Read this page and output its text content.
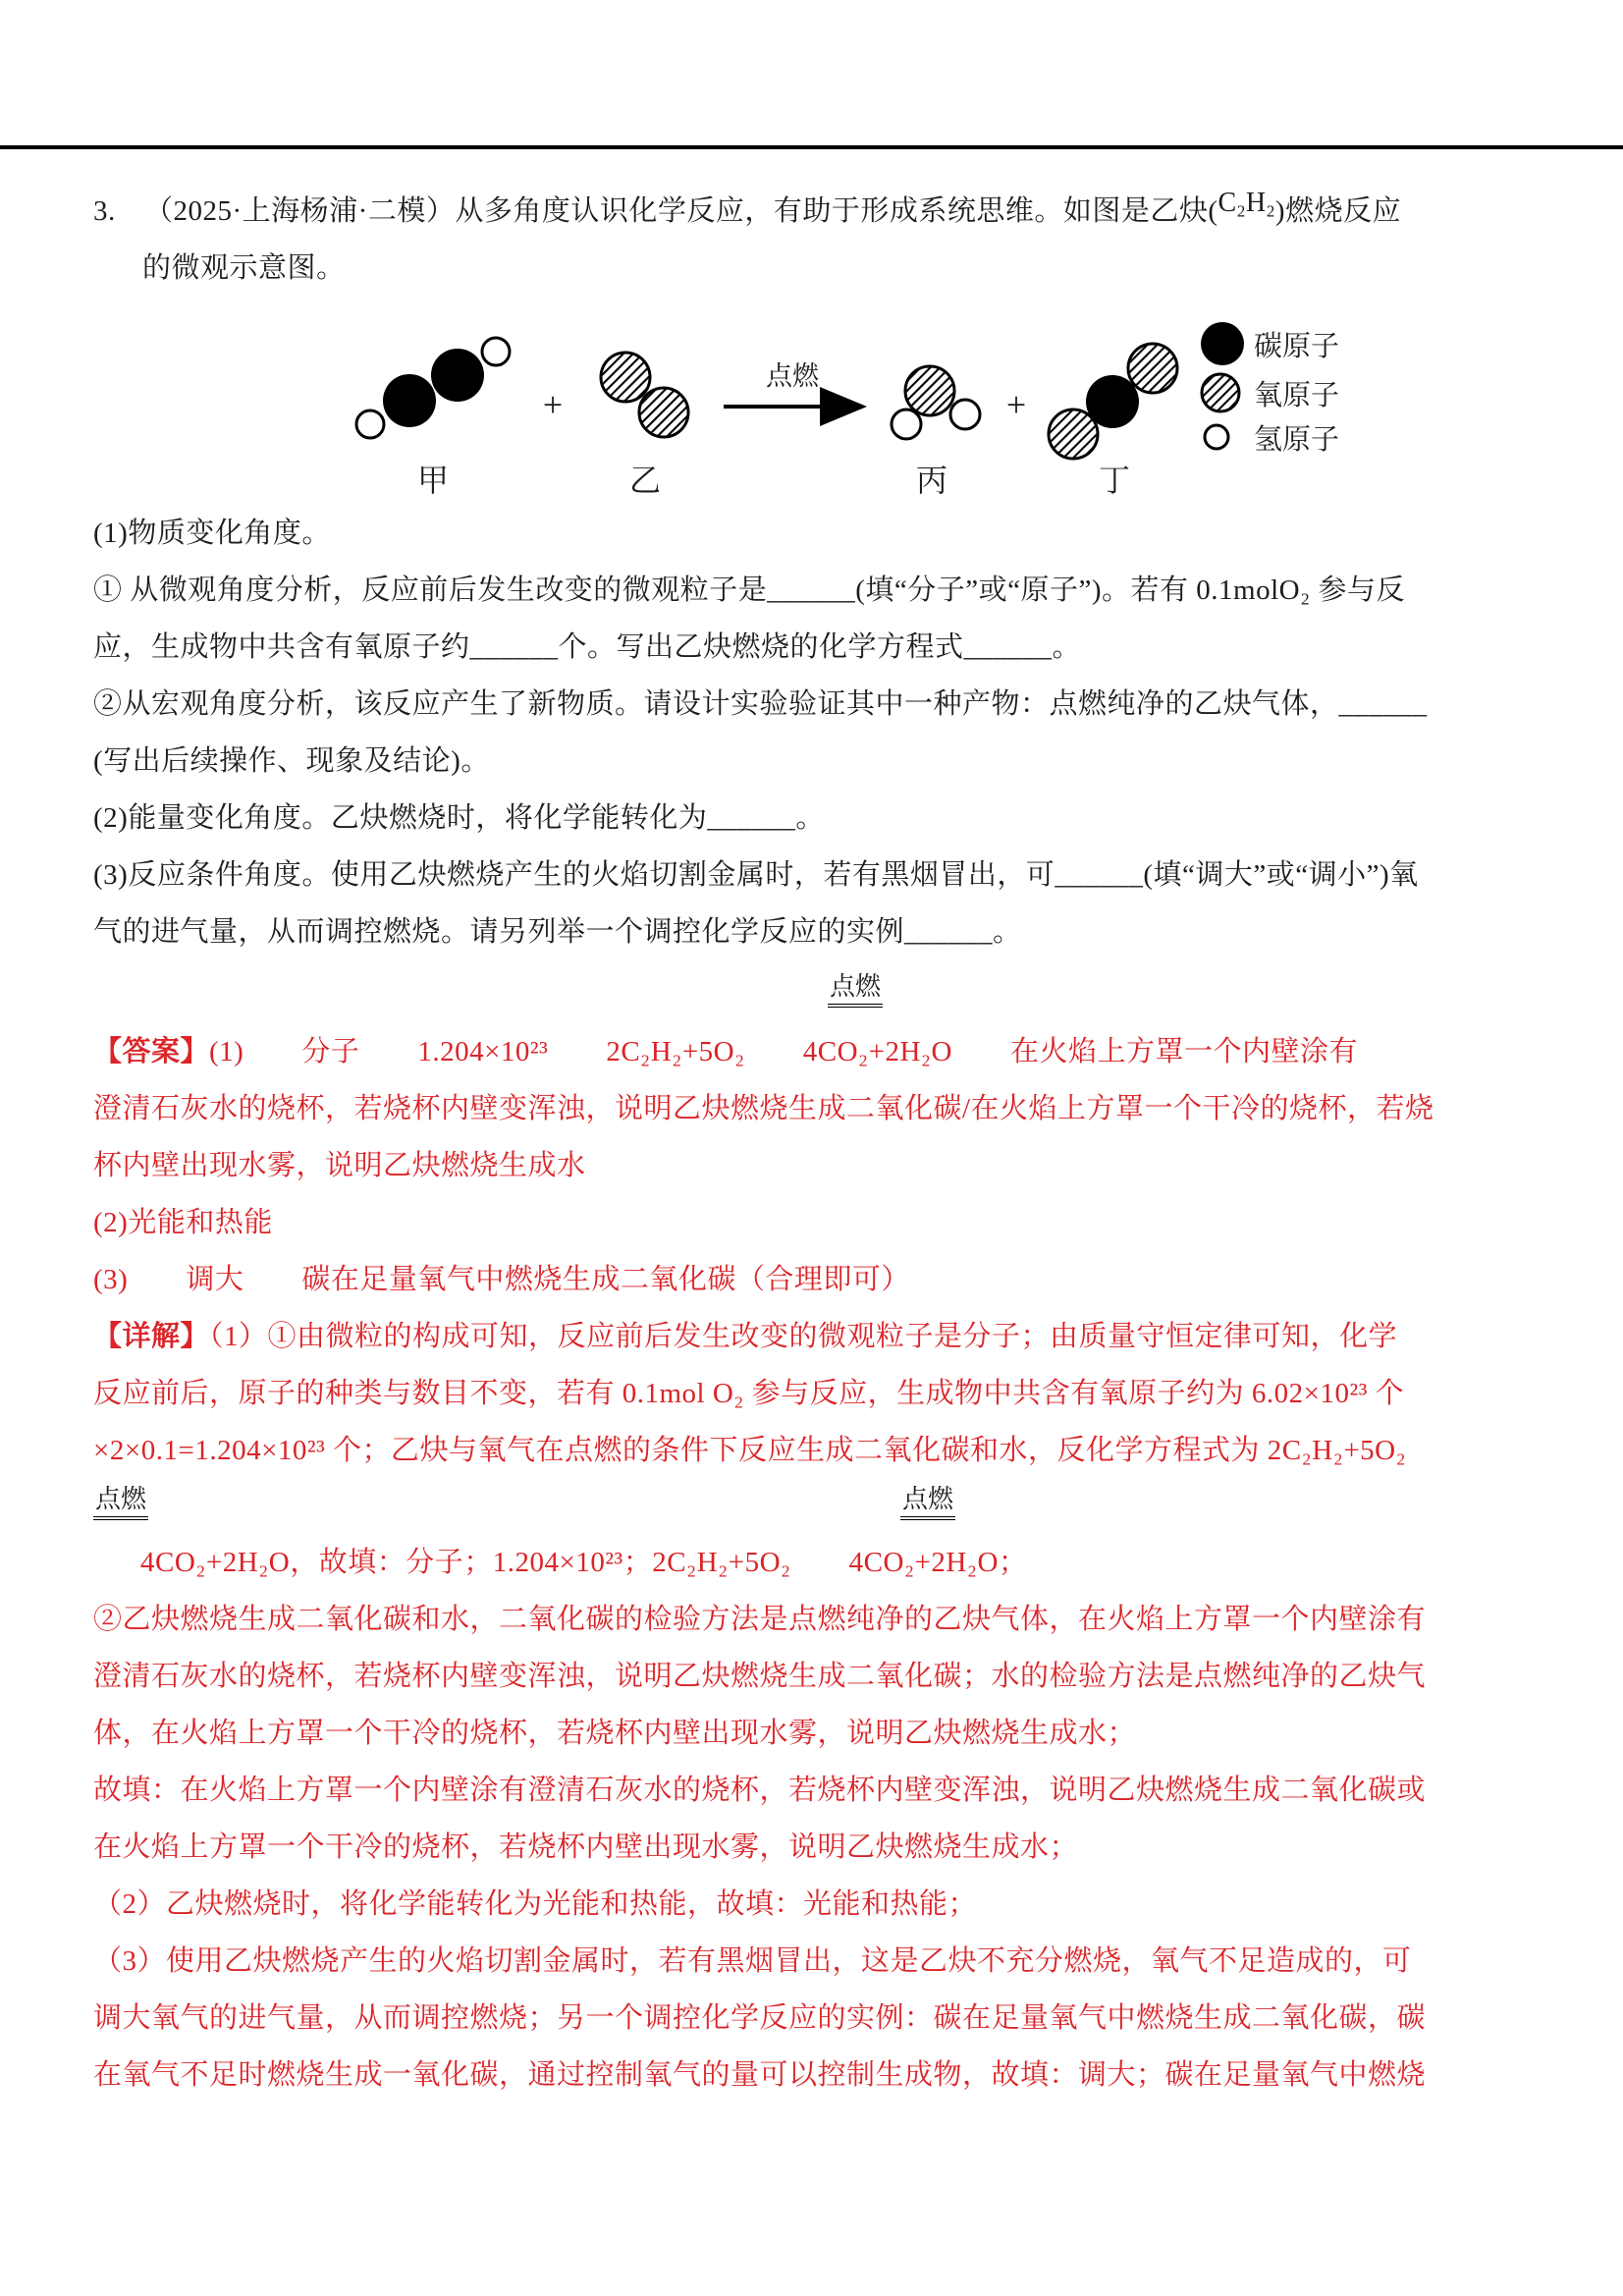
3. （2025·上海杨浦·二模）从多角度认识化学反应，有助于形成系统思维。如图是乙炔(C₂H₂)燃烧反应
的微观示意图。
甲
+
乙
点燃
丙
+
丁
碳原子
氧原子
氢原子
(1)物质变化角度。
① 从微观角度分析，反应前后发生改变的微观粒子是______(填“分子”或“原子”)。若有 0.1molO₂ 参与反
应，生成物中共含有氧原子约______个。写出乙炔燃烧的化学方程式______。
②从宏观角度分析，该反应产生了新物质。请设计实验验证其中一种产物：点燃纯净的乙炔气体，______
(写出后续操作、现象及结论)。
(2)能量变化角度。乙炔燃烧时，将化学能转化为______。
(3)反应条件角度。使用乙炔燃烧产生的火焰切割金属时，若有黑烟冒出，可______(填“调大”或“调小”)氧
气的进气量，从而调控燃烧。请另列举一个调控化学反应的实例______。
点燃
【答案】(1)　　分子　　1.204×10²³　　2C₂H₂+5O₂　　4CO₂+2H₂O　　在火焰上方罩一个内壁涂有
澄清石灰水的烧杯，若烧杯内壁变浑浊，说明乙炔燃烧生成二氧化碳/在火焰上方罩一个干冷的烧杯，若烧
杯内壁出现水雾，说明乙炔燃烧生成水
(2)光能和热能
(3)　　调大　　碳在足量氧气中燃烧生成二氧化碳（合理即可）
【详解】（1）①由微粒的构成可知，反应前后发生改变的微观粒子是分子；由质量守恒定律可知，化学
反应前后，原子的种类与数目不变，若有 0.1mol O₂ 参与反应，生成物中共含有氧原子约为 6.02×10²³ 个
×2×0.1=1.204×10²³ 个；乙炔与氧气在点燃的条件下反应生成二氧化碳和水，反化学方程式为 2C₂H₂+5O₂
点燃	点燃
4CO₂+2H₂O，故填：分子；1.204×10²³；2C₂H₂+5O₂　　4CO₂+2H₂O；
②乙炔燃烧生成二氧化碳和水，二氧化碳的检验方法是点燃纯净的乙炔气体，在火焰上方罩一个内壁涂有
澄清石灰水的烧杯，若烧杯内壁变浑浊，说明乙炔燃烧生成二氧化碳；水的检验方法是点燃纯净的乙炔气
体，在火焰上方罩一个干冷的烧杯，若烧杯内壁出现水雾，说明乙炔燃烧生成水；
故填：在火焰上方罩一个内壁涂有澄清石灰水的烧杯，若烧杯内壁变浑浊，说明乙炔燃烧生成二氧化碳或
在火焰上方罩一个干冷的烧杯，若烧杯内壁出现水雾，说明乙炔燃烧生成水；
（2）乙炔燃烧时，将化学能转化为光能和热能，故填：光能和热能；
（3）使用乙炔燃烧产生的火焰切割金属时，若有黑烟冒出，这是乙炔不充分燃烧，氧气不足造成的，可
调大氧气的进气量，从而调控燃烧；另一个调控化学反应的实例：碳在足量氧气中燃烧生成二氧化碳，碳
在氧气不足时燃烧生成一氧化碳，通过控制氧气的量可以控制生成物，故填：调大；碳在足量氧气中燃烧
